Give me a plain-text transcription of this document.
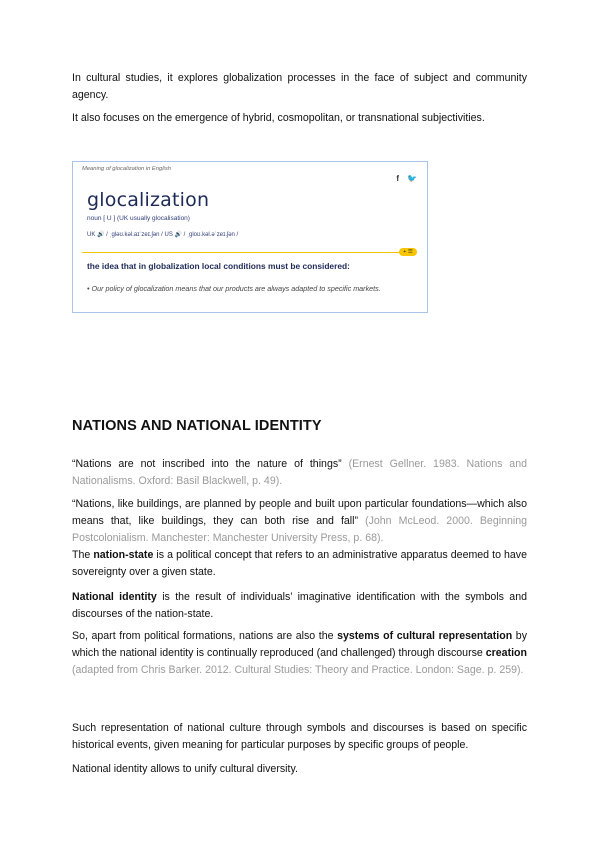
In cultural studies, it explores globalization processes in the face of subject and community agency.

It also focuses on the emergence of hybrid, cosmopolitan, or transnational subjectivities.

Meaning of glocalization in English
f 🐦
glocalization
noun [ U ] (UK usually glocalisation)
UK 🔊 / ˌɡləʊ.kəl.aɪˈzeɪ.ʃən / US 🔊 / ˌɡloʊ.kəl.əˈzeɪ.ʃən /
+ ☰
the idea that in globalization local conditions must be considered:
• Our policy of glocalization means that our products are always adapted to specific markets.
NATIONS AND NATIONAL IDENTITY

“Nations are not inscribed into the nature of things” (Ernest Gellner. 1983. Nations and Nationalisms. Oxford: Basil Blackwell, p. 49).

“Nations, like buildings, are planned by people and built upon particular foundations—which also means that, like buildings, they can both rise and fall” (John McLeod. 2000. Beginning Postcolonialism. Manchester: Manchester University Press, p. 68).

The nation-state is a political concept that refers to an administrative apparatus deemed to have sovereignty over a given state.

National identity is the result of individuals’ imaginative identification with the symbols and discourses of the nation-state.

So, apart from political formations, nations are also the systems of cultural representation by which the national identity is continually reproduced (and challenged) through discourse creation (adapted from Chris Barker. 2012. Cultural Studies: Theory and Practice. London: Sage. p. 259).

Such representation of national culture through symbols and discourses is based on specific historical events, given meaning for particular purposes by specific groups of people.

National identity allows to unify cultural diversity.
